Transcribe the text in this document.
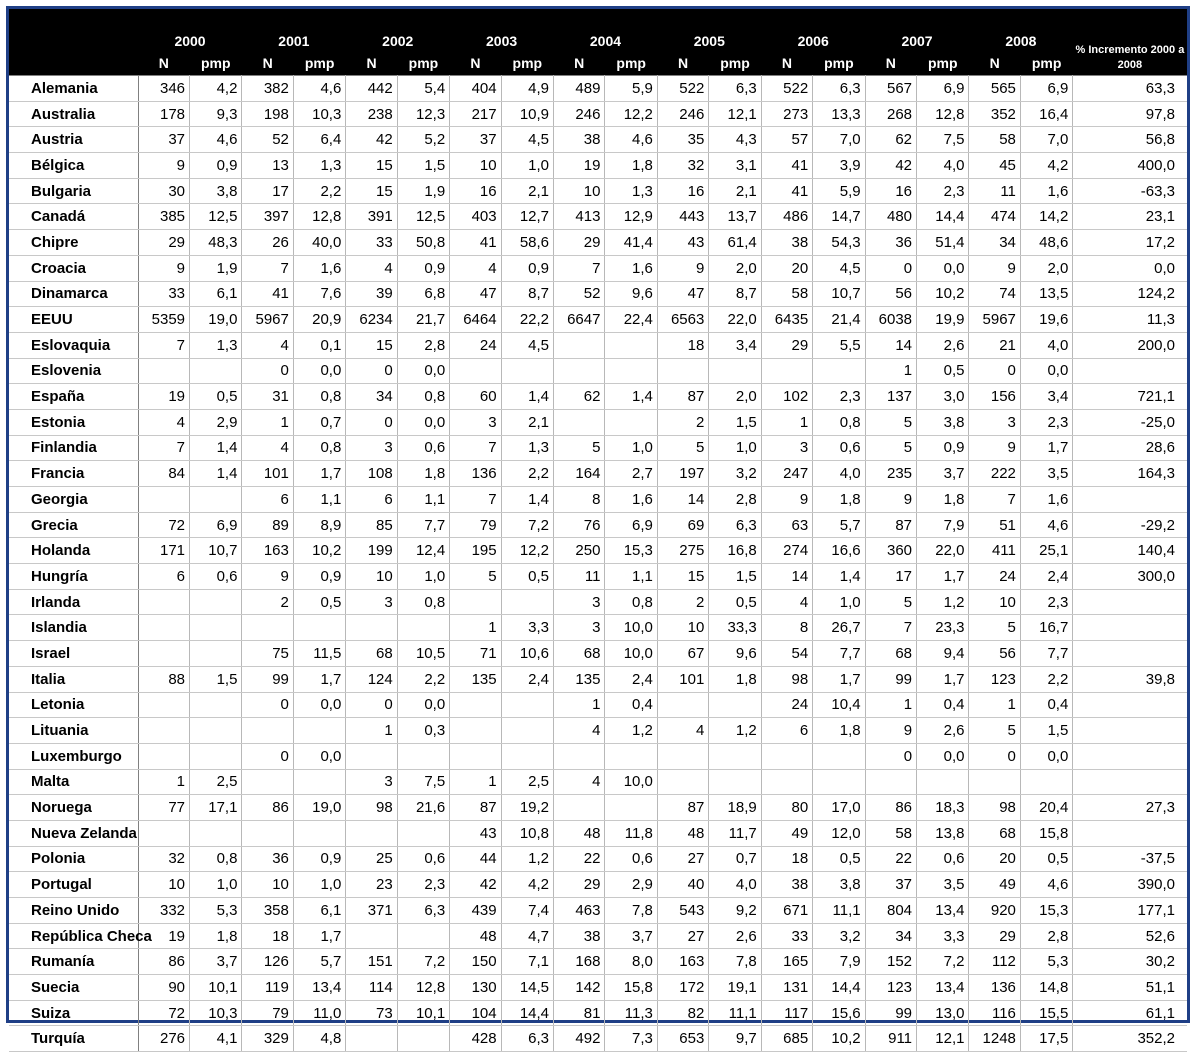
	2000		2001		2002		2003		2004		2005		2006		2007		2008		% Incremento 2000 a 2008
	N	pmp	N	pmp	N	pmp	N	pmp	N	pmp	N	pmp	N	pmp	N	pmp	N	pmp	
Alemania	346	4,2	382	4,6	442	5,4	404	4,9	489	5,9	522	6,3	522	6,3	567	6,9	565	6,9	63,3
Australia	178	9,3	198	10,3	238	12,3	217	10,9	246	12,2	246	12,1	273	13,3	268	12,8	352	16,4	97,8
Austria	37	4,6	52	6,4	42	5,2	37	4,5	38	4,6	35	4,3	57	7,0	62	7,5	58	7,0	56,8
Bélgica	9	0,9	13	1,3	15	1,5	10	1,0	19	1,8	32	3,1	41	3,9	42	4,0	45	4,2	400,0
Bulgaria	30	3,8	17	2,2	15	1,9	16	2,1	10	1,3	16	2,1	41	5,9	16	2,3	11	1,6	-63,3
Canadá	385	12,5	397	12,8	391	12,5	403	12,7	413	12,9	443	13,7	486	14,7	480	14,4	474	14,2	23,1
Chipre	29	48,3	26	40,0	33	50,8	41	58,6	29	41,4	43	61,4	38	54,3	36	51,4	34	48,6	17,2
Croacia	9	1,9	7	1,6	4	0,9	4	0,9	7	1,6	9	2,0	20	4,5	0	0,0	9	2,0	0,0
Dinamarca	33	6,1	41	7,6	39	6,8	47	8,7	52	9,6	47	8,7	58	10,7	56	10,2	74	13,5	124,2
EEUU	5359	19,0	5967	20,9	6234	21,7	6464	22,2	6647	22,4	6563	22,0	6435	21,4	6038	19,9	5967	19,6	11,3
Eslovaquia	7	1,3	4	0,1	15	2,8	24	4,5			18	3,4	29	5,5	14	2,6	21	4,0	200,0
Eslovenia			0	0,0	0	0,0									1	0,5	0	0,0	
España	19	0,5	31	0,8	34	0,8	60	1,4	62	1,4	87	2,0	102	2,3	137	3,0	156	3,4	721,1
Estonia	4	2,9	1	0,7	0	0,0	3	2,1			2	1,5	1	0,8	5	3,8	3	2,3	-25,0
Finlandia	7	1,4	4	0,8	3	0,6	7	1,3	5	1,0	5	1,0	3	0,6	5	0,9	9	1,7	28,6
Francia	84	1,4	101	1,7	108	1,8	136	2,2	164	2,7	197	3,2	247	4,0	235	3,7	222	3,5	164,3
Georgia			6	1,1	6	1,1	7	1,4	8	1,6	14	2,8	9	1,8	9	1,8	7	1,6	
Grecia	72	6,9	89	8,9	85	7,7	79	7,2	76	6,9	69	6,3	63	5,7	87	7,9	51	4,6	-29,2
Holanda	171	10,7	163	10,2	199	12,4	195	12,2	250	15,3	275	16,8	274	16,6	360	22,0	411	25,1	140,4
Hungría	6	0,6	9	0,9	10	1,0	5	0,5	11	1,1	15	1,5	14	1,4	17	1,7	24	2,4	300,0
Irlanda			2	0,5	3	0,8			3	0,8	2	0,5	4	1,0	5	1,2	10	2,3	
Islandia							1	3,3	3	10,0	10	33,3	8	26,7	7	23,3	5	16,7	
Israel			75	11,5	68	10,5	71	10,6	68	10,0	67	9,6	54	7,7	68	9,4	56	7,7	
Italia	88	1,5	99	1,7	124	2,2	135	2,4	135	2,4	101	1,8	98	1,7	99	1,7	123	2,2	39,8
Letonia			0	0,0	0	0,0			1	0,4			24	10,4	1	0,4	1	0,4	
Lituania					1	0,3			4	1,2	4	1,2	6	1,8	9	2,6	5	1,5	
Luxemburgo			0	0,0											0	0,0	0	0,0	
Malta	1	2,5			3	7,5	1	2,5	4	10,0									
Noruega	77	17,1	86	19,0	98	21,6	87	19,2			87	18,9	80	17,0	86	18,3	98	20,4	27,3
Nueva Zelanda							43	10,8	48	11,8	48	11,7	49	12,0	58	13,8	68	15,8	
Polonia	32	0,8	36	0,9	25	0,6	44	1,2	22	0,6	27	0,7	18	0,5	22	0,6	20	0,5	-37,5
Portugal	10	1,0	10	1,0	23	2,3	42	4,2	29	2,9	40	4,0	38	3,8	37	3,5	49	4,6	390,0
Reino Unido	332	5,3	358	6,1	371	6,3	439	7,4	463	7,8	543	9,2	671	11,1	804	13,4	920	15,3	177,1
República Checa	19	1,8	18	1,7			48	4,7	38	3,7	27	2,6	33	3,2	34	3,3	29	2,8	52,6
Rumanía	86	3,7	126	5,7	151	7,2	150	7,1	168	8,0	163	7,8	165	7,9	152	7,2	112	5,3	30,2
Suecia	90	10,1	119	13,4	114	12,8	130	14,5	142	15,8	172	19,1	131	14,4	123	13,4	136	14,8	51,1
Suiza	72	10,3	79	11,0	73	10,1	104	14,4	81	11,3	82	11,1	117	15,6	99	13,0	116	15,5	61,1
Turquía	276	4,1	329	4,8			428	6,3	492	7,3	653	9,7	685	10,2	911	12,1	1248	17,5	352,2
